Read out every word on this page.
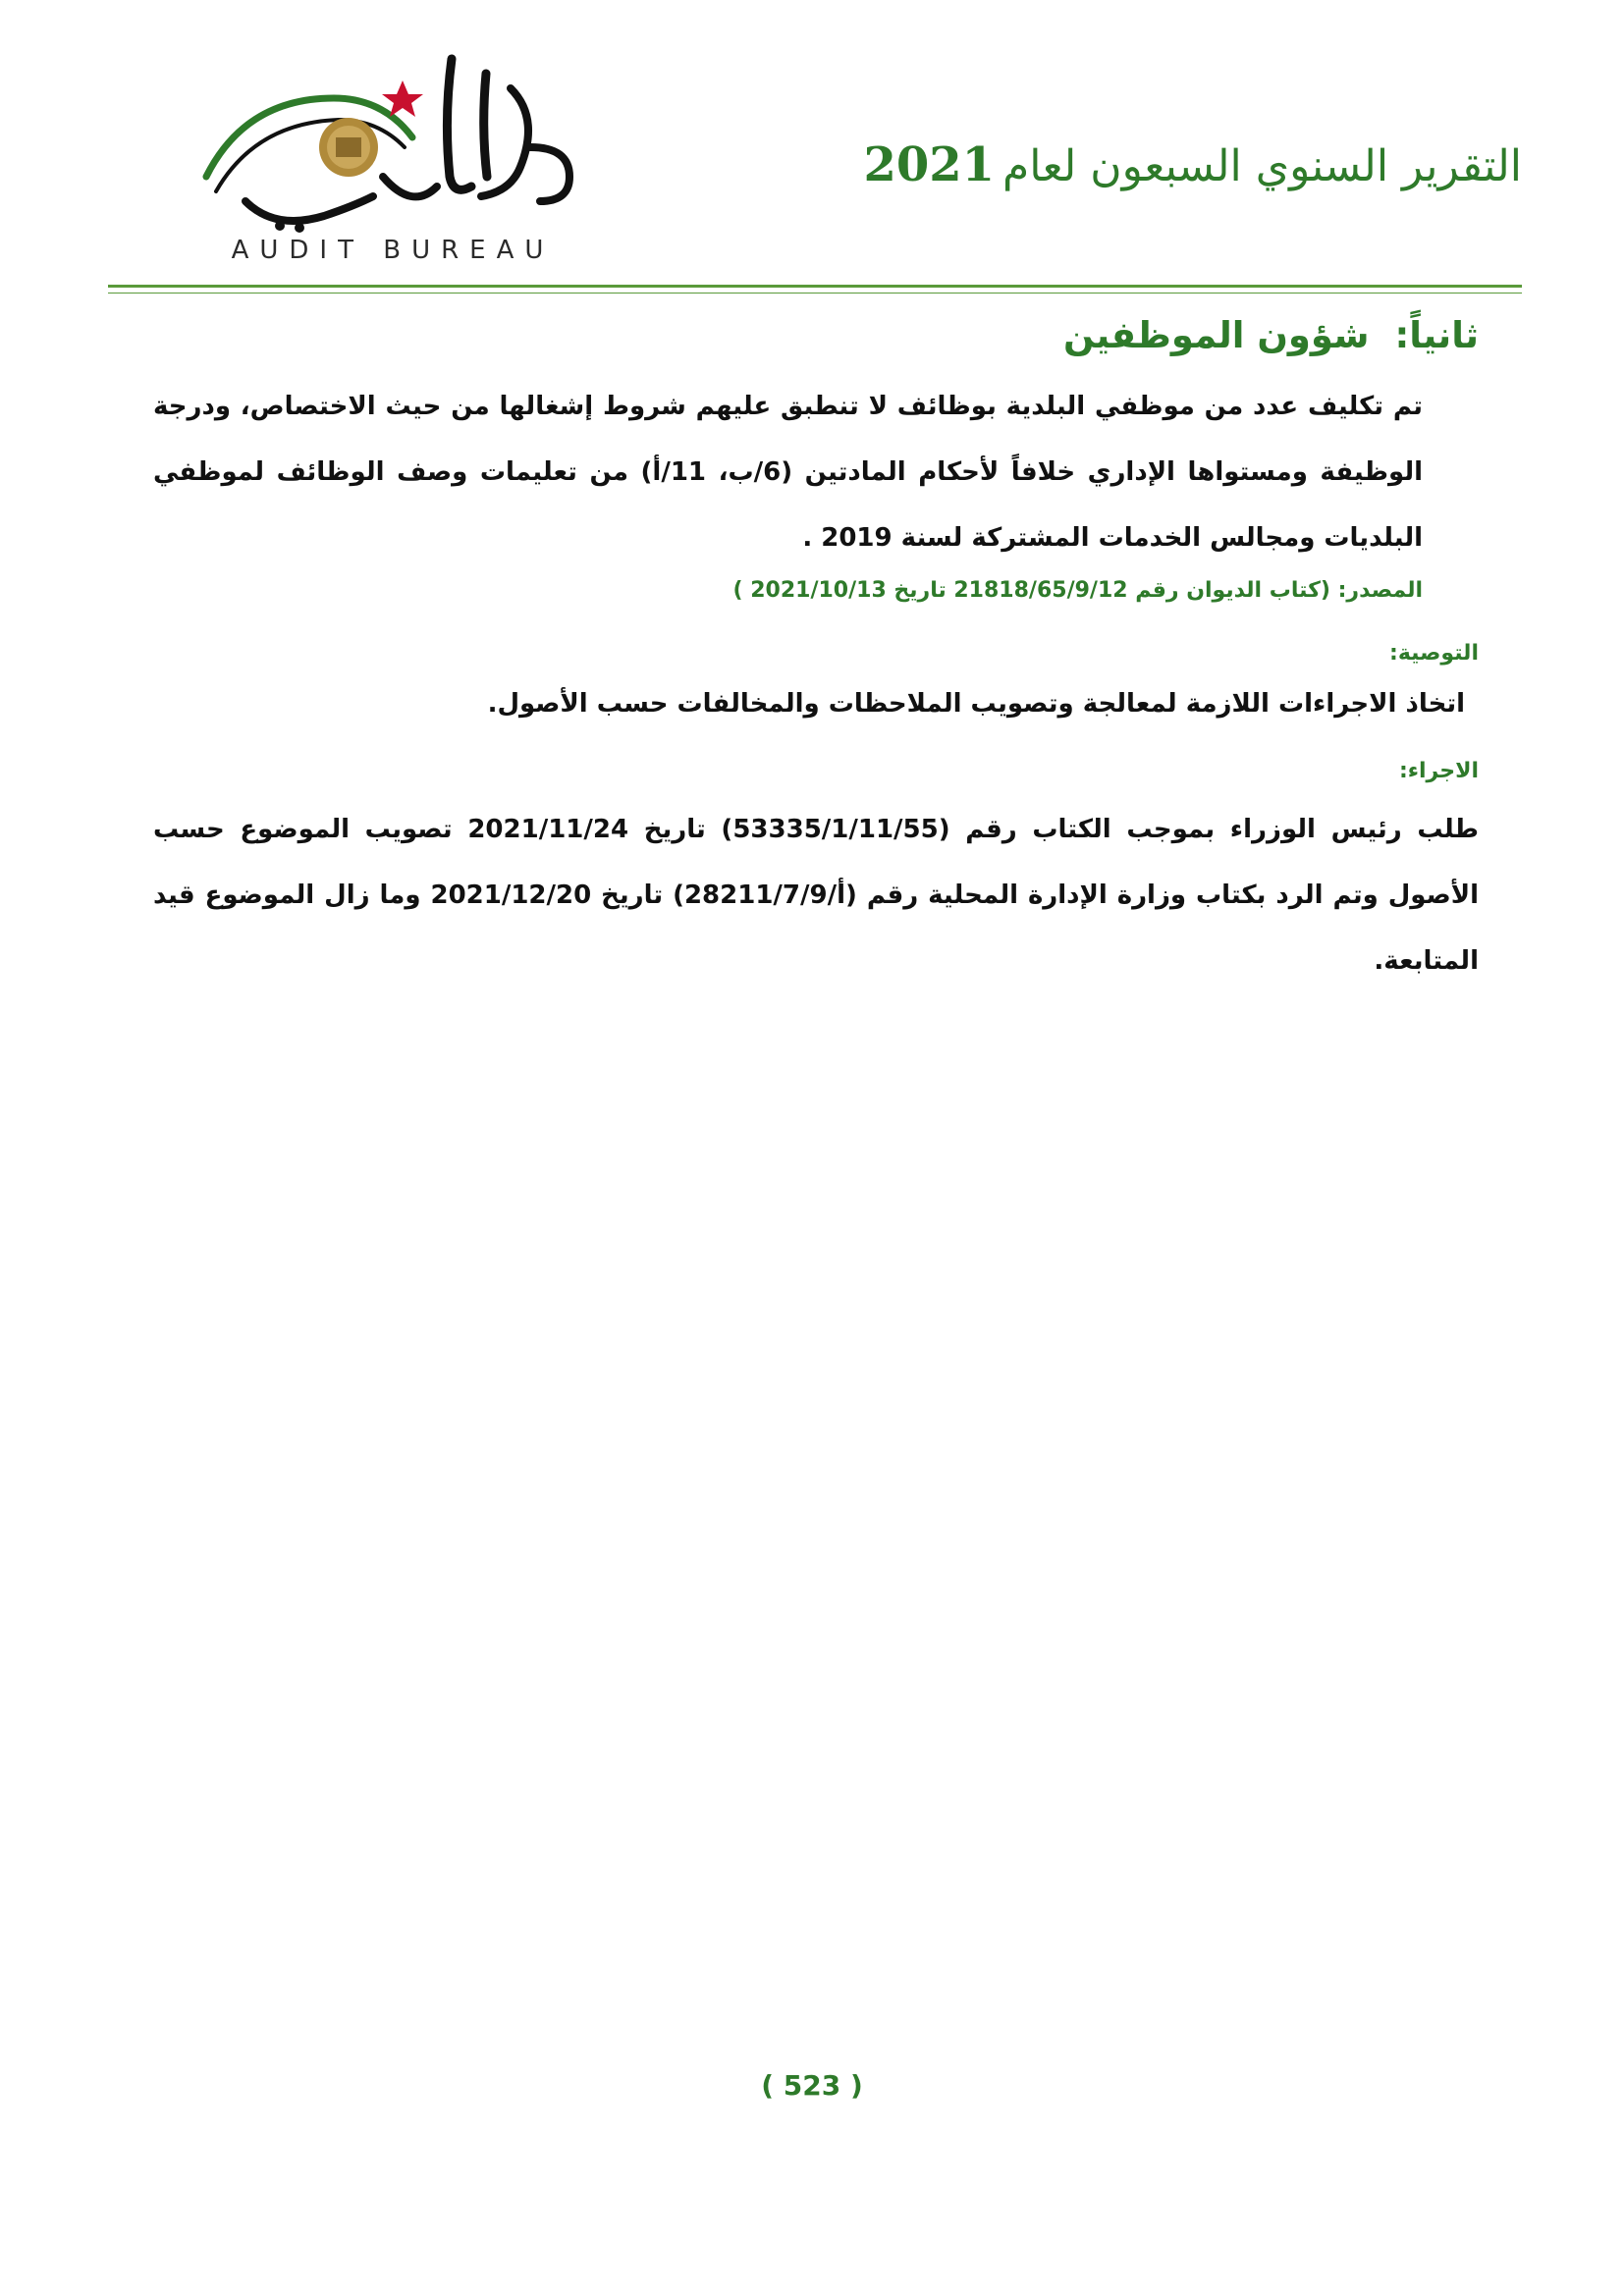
AUDIT BUREAU
التقرير السنوي السبعون لعام2021
ثانياً:شؤون الموظفين

تم تكليف عدد من موظفي البلدية بوظائف لا تنطبق عليهم شروط إشغالها من حيث الاختصاص، ودرجة الوظيفة ومستواها الإداري خلافاً لأحكام المادتين (6/ب، 11/أ) من تعليمات وصف الوظائف لموظفي البلديات ومجالس الخدمات المشتركة لسنة 2019 .

المصدر: (كتاب الديوان رقم 21818/65/9/12 تاريخ 2021/10/13 )
التوصية:
اتخاذ الاجراءات اللازمة لمعالجة وتصويب الملاحظات والمخالفات حسب الأصول.
الاجراء:

طلب رئيس الوزراء بموجب الكتاب رقم (53335/1/11/55) تاريخ 2021/11/24 تصويب الموضوع حسب الأصول وتم الرد بكتاب وزارة الإدارة المحلية رقم (أ/28211/7/9) تاريخ 2021/12/20 وما زال الموضوع قيد المتابعة.

( 523 )
